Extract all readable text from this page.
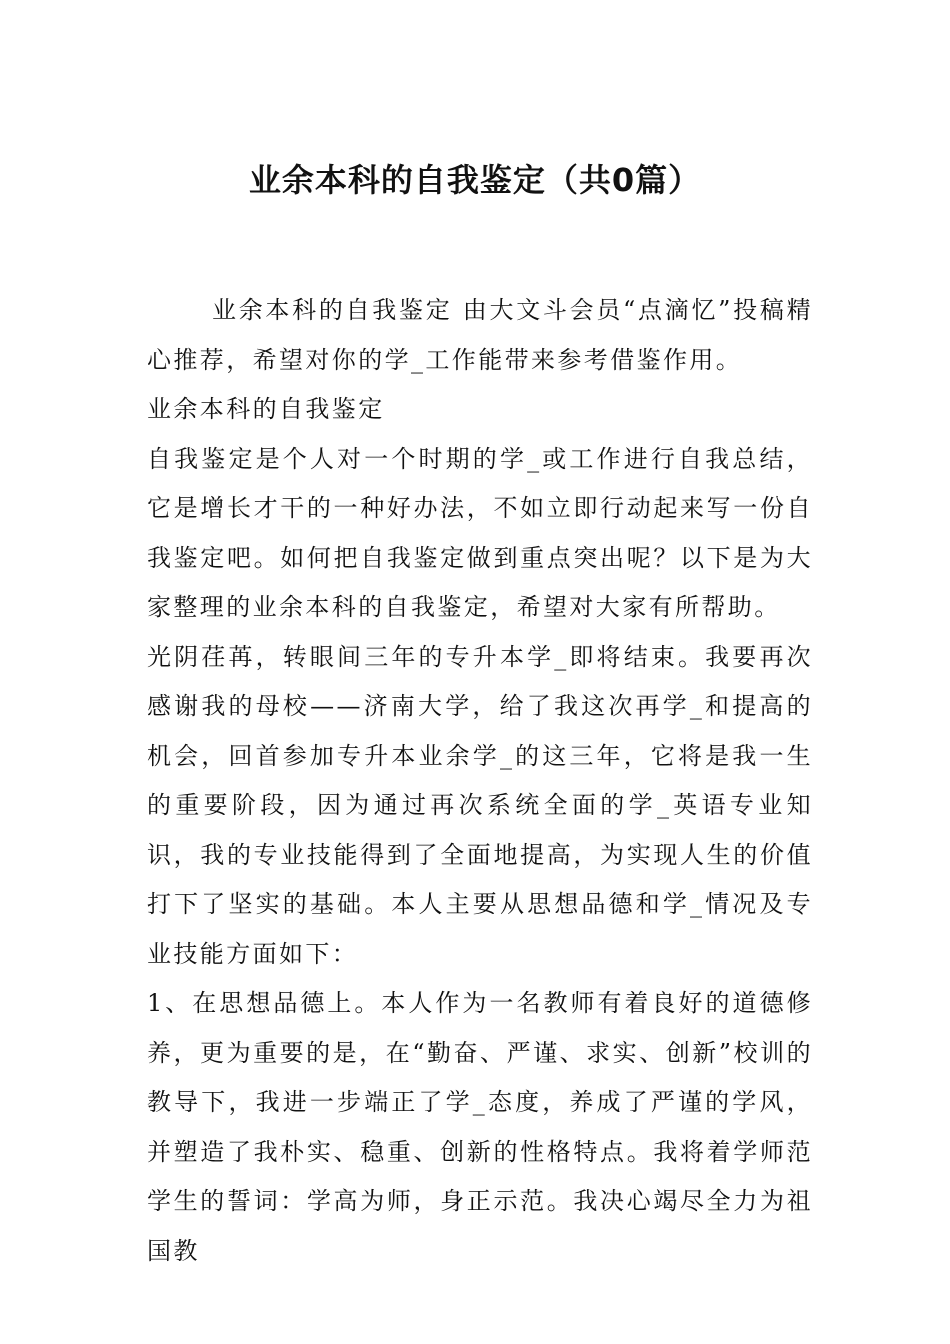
业余本科的自我鉴定（共0篇）

业余本科的自我鉴定 由大文斗会员“点滴忆”投稿精心推荐，希望对你的学_工作能带来参考借鉴作用。

业余本科的自我鉴定

自我鉴定是个人对一个时期的学_或工作进行自我总结，它是增长才干的一种好办法，不如立即行动起来写一份自我鉴定吧。如何把自我鉴定做到重点突出呢？以下是为大家整理的业余本科的自我鉴定，希望对大家有所帮助。

光阴荏苒，转眼间三年的专升本学_即将结束。我要再次感谢我的母校——济南大学，给了我这次再学_和提高的机会，回首参加专升本业余学_的这三年，它将是我一生的重要阶段，因为通过再次系统全面的学_英语专业知识，我的专业技能得到了全面地提高，为实现人生的价值打下了坚实的基础。本人主要从思想品德和学_情况及专业技能方面如下：

1、在思想品德上。本人作为一名教师有着良好的道德修养，更为重要的是，在“勤奋、严谨、求实、创新”校训的教导下，我进一步端正了学_态度，养成了严谨的学风，并塑造了我朴实、稳重、创新的性格特点。我将着学师范学生的誓词：学高为师，身正示范。我决心竭尽全力为祖国教
